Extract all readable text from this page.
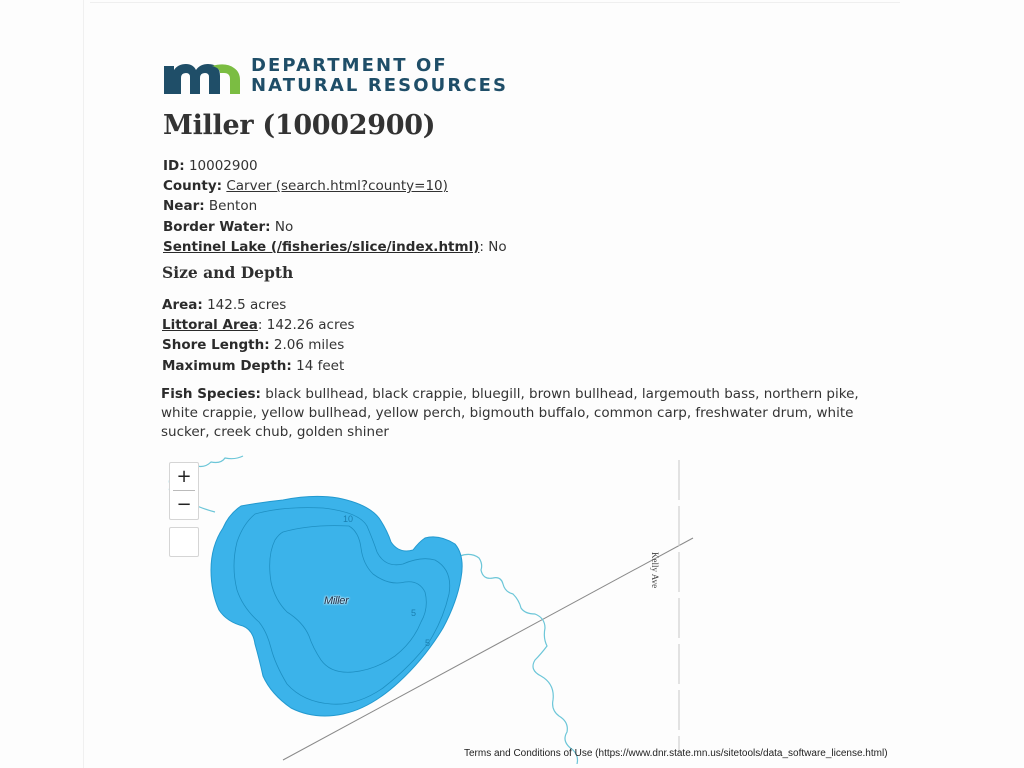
DEPARTMENT OF
NATURAL RESOURCES
Miller (10002900)
ID: 10002900
County: Carver (search.html?county=10)
Near: Benton
Border Water: No
Sentinel Lake (/fisheries/slice/index.html): No
Size and Depth
Area: 142.5 acres
Littoral Area: 142.26 acres
Shore Length: 2.06 miles
Maximum Depth: 14 feet
Fish Species: black bullhead, black crappie, bluegill, brown bullhead, largemouth bass, northern pike, white crappie, yellow bullhead, yellow perch, bigmouth buffalo, common carp, freshwater drum, white sucker, creek chub, golden shiner
+
−
10
5
5
Miller
Kelly Ave
Terms and Conditions of Use (https://www.dnr.state.mn.us/sitetools/data_software_license.html)
